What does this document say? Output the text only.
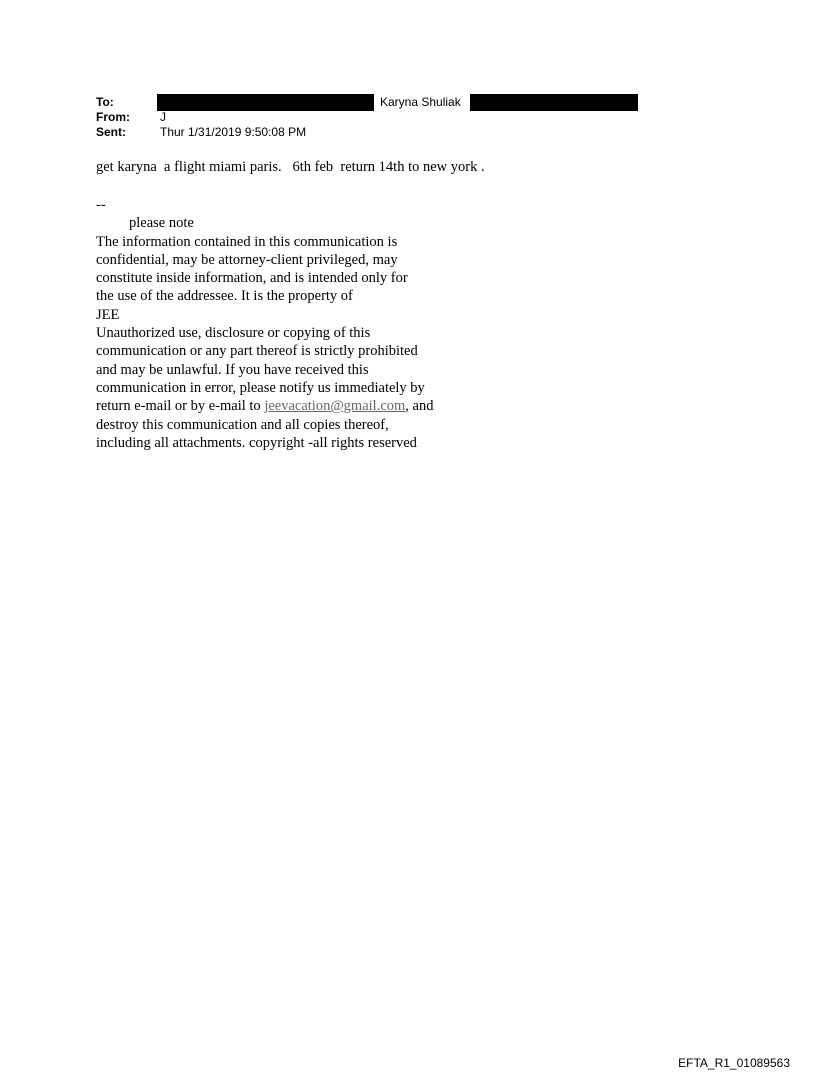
To:	Karyna Shuliak
From:	J
Sent:	Thur 1/31/2019 9:50:08 PM
get karyna  a flight miami paris.   6th feb  return 14th to new york .
--
please note
The information contained in this communication is
confidential, may be attorney-client privileged, may
constitute inside information, and is intended only for
the use of the addressee. It is the property of
JEE
Unauthorized use, disclosure or copying of this
communication or any part thereof is strictly prohibited
and may be unlawful. If you have received this
communication in error, please notify us immediately by
return e-mail or by e-mail to jeevacation@gmail.com, and
destroy this communication and all copies thereof,
including all attachments. copyright -all rights reserved
EFTA_R1_01089563
